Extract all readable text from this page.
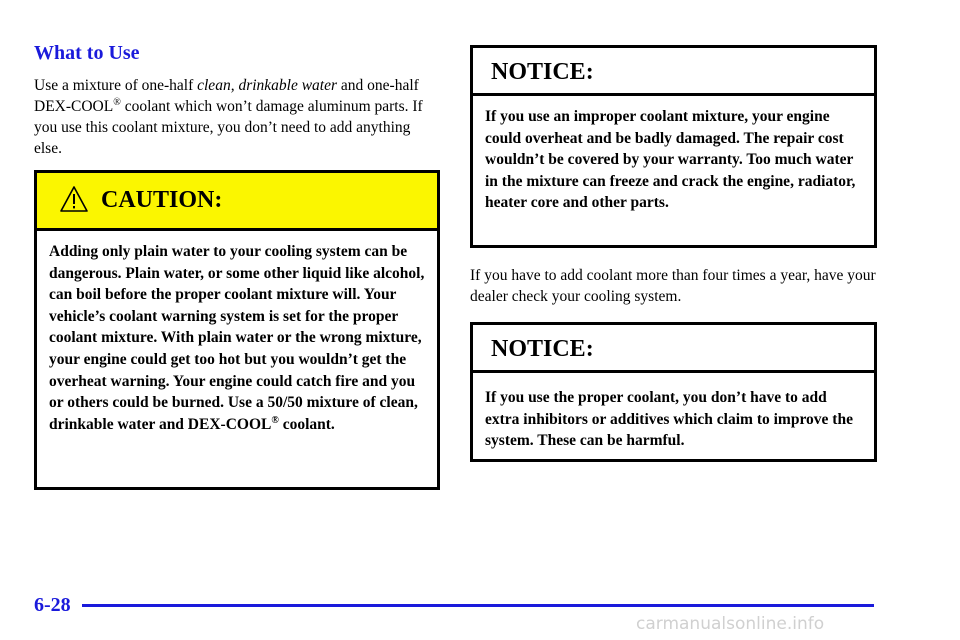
What to Use

Use a mixture of one-half clean, drinkable water and one-half DEX-COOL® coolant which won’t damage aluminum parts. If you use this coolant mixture, you don’t need to add anything else.

CAUTION:

Adding only plain water to your cooling system can be dangerous. Plain water, or some other liquid like alcohol, can boil before the proper coolant mixture will. Your vehicle’s coolant warning system is set for the proper coolant mixture. With plain water or the wrong mixture, your engine could get too hot but you wouldn’t get the overheat warning. Your engine could catch fire and you or others could be burned. Use a 50/50 mixture of clean, drinkable water and DEX-COOL® coolant.

NOTICE:

If you use an improper coolant mixture, your engine could overheat and be badly damaged. The repair cost wouldn’t be covered by your warranty. Too much water in the mixture can freeze and crack the engine, radiator, heater core and other parts.

If you have to add coolant more than four times a year, have your dealer check your cooling system.

NOTICE:

If you use the proper coolant, you don’t have to add extra inhibitors or additives which claim to improve the system. These can be harmful.

6-28
carmanualsonline.info
